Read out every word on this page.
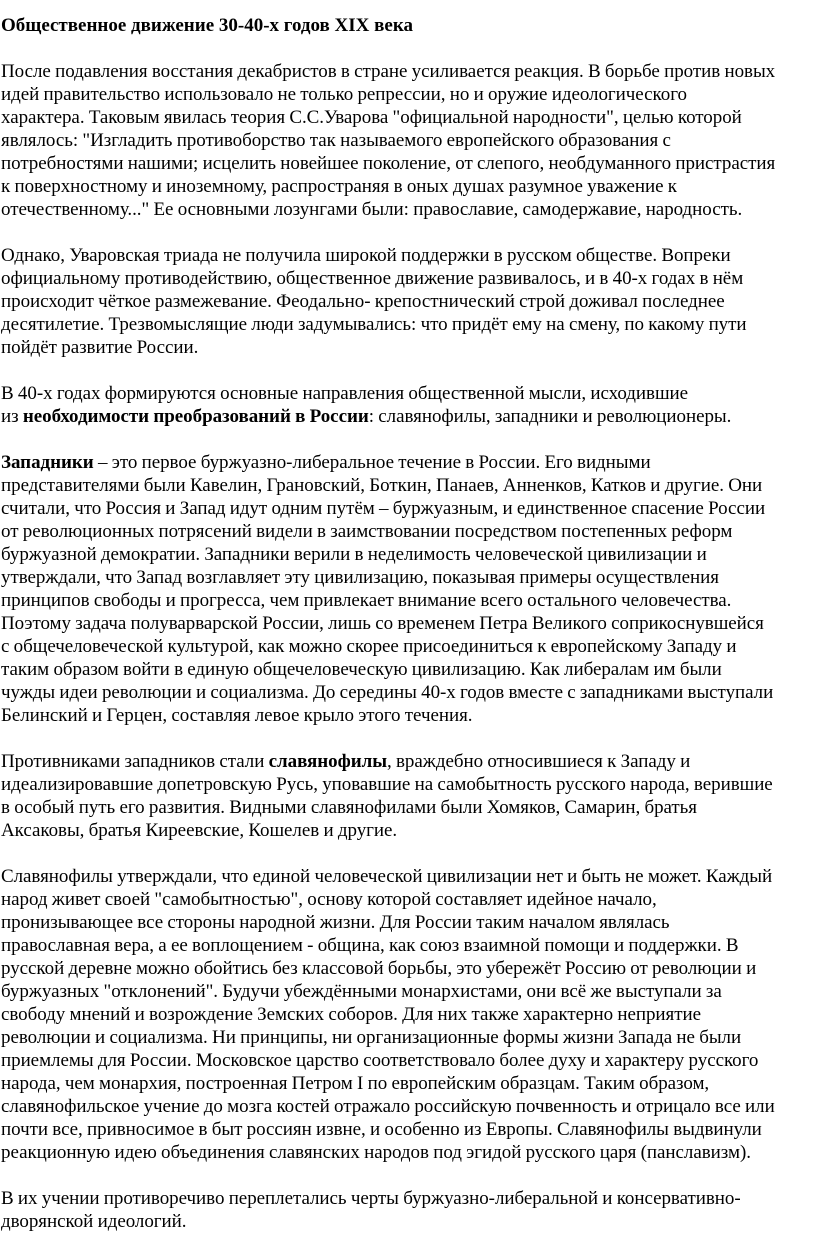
Общественное движение 30-40-х годов XIX века

После подавления восстания декабристов в стране усиливается реакция. В борьбе против новых
идей правительство использовало не только репрессии, но и оружие идеологического
характера. Таковым явилась теория С.С.Уварова "официальной народности", целью которой
являлось: "Изгладить противоборство так называемого европейского образования с
потребностями нашими; исцелить новейшее поколение, от слепого, необдуманного пристрастия
к поверхностному и иноземному, распространяя в оных душах разумное уважение к
отечественному..." Ее основными лозунгами были: православие, самодержавие, народность.

Однако, Уваровская триада не получила широкой поддержки в русском обществе. Вопреки
официальному противодействию, общественное движение развивалось, и в 40-х годах в нём
происходит чёткое размежевание. Феодально- крепостнический строй доживал последнее
десятилетие. Трезвомыслящие люди задумывались: что придёт ему на смену, по какому пути
пойдёт развитие России.

В 40-х годах формируются основные направления общественной мысли, исходившие
из необходимости преобразований в России: славянофилы, западники и революционеры.

Западники – это первое буржуазно-либеральное течение в России. Его видными
представителями были Кавелин, Грановский, Боткин, Панаев, Анненков, Катков и другие. Они
считали, что Россия и Запад идут одним путём – буржуазным, и единственное спасение России
от революционных потрясений видели в заимствовании посредством постепенных реформ
буржуазной демократии. Западники верили в неделимость человеческой цивилизации и
утверждали, что Запад возглавляет эту цивилизацию, показывая примеры осуществления
принципов свободы и прогресса, чем привлекает внимание всего остального человечества.
Поэтому задача полуварварской России, лишь со временем Петра Великого соприкоснувшейся
с общечеловеческой культурой, как можно скорее присоединиться к европейскому Западу и
таким образом войти в единую общечеловеческую цивилизацию. Как либералам им были
чужды идеи революции и социализма. До середины 40-х годов вместе с западниками выступали
Белинский и Герцен, составляя левое крыло этого течения.

Противниками западников стали славянофилы, враждебно относившиеся к Западу и
идеализировавшие допетровскую Русь, уповавшие на самобытность русского народа, верившие
в особый путь его развития. Видными славянофилами были Хомяков, Самарин, братья
Аксаковы, братья Киреевские, Кошелев и другие.

Славянофилы утверждали, что единой человеческой цивилизации нет и быть не может. Каждый
народ живет своей "самобытностью", основу которой составляет идейное начало,
пронизывающее все стороны народной жизни. Для России таким началом являлась
православная вера, а ее воплощением - община, как союз взаимной помощи и поддержки. В
русской деревне можно обойтись без классовой борьбы, это убережёт Россию от революции и
буржуазных "отклонений". Будучи убеждёнными монархистами, они всё же выступали за
свободу мнений и возрождение Земских соборов. Для них также характерно неприятие
революции и социализма. Ни принципы, ни организационные формы жизни Запада не были
приемлемы для России. Московское царство соответствовало более духу и характеру русского
народа, чем монархия, построенная Петром I по европейским образцам. Таким образом,
славянофильское учение до мозга костей отражало российскую почвенность и отрицало все или
почти все, привносимое в быт россиян извне, и особенно из Европы. Славянофилы выдвинули
реакционную идею объединения славянских народов под эгидой русского царя (панславизм).

В их учении противоречиво переплетались черты буржуазно-либеральной и консервативно-
дворянской идеологий.
